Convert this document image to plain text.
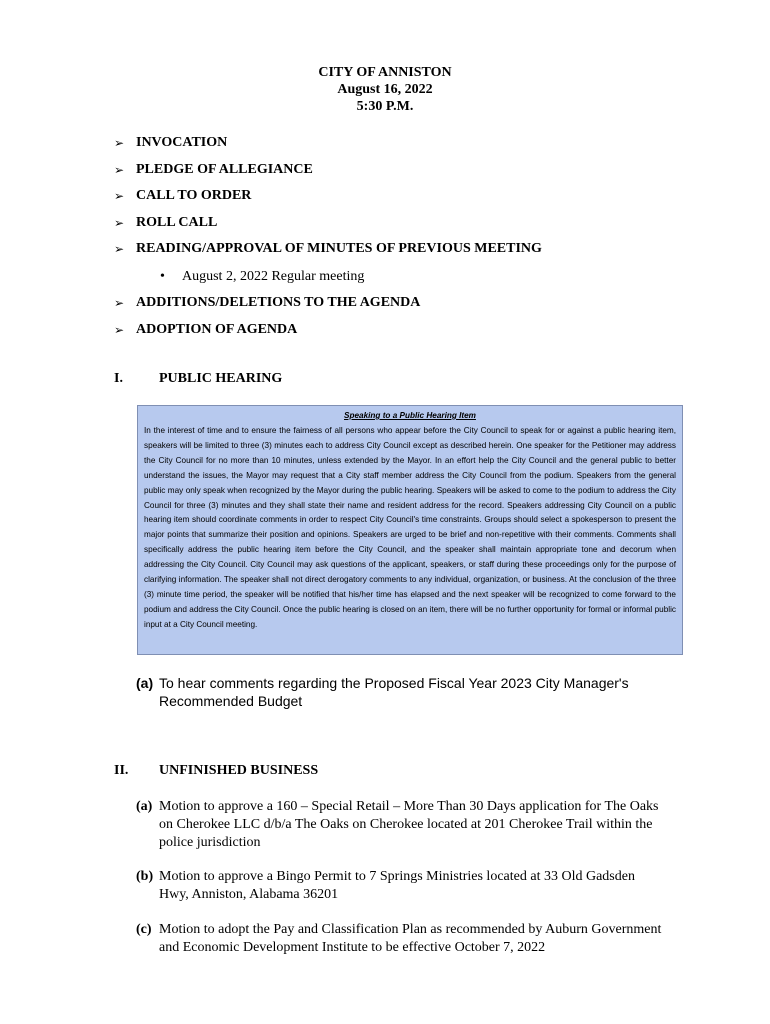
CITY OF ANNISTON
August 16, 2022
5:30 P.M.
➢ INVOCATION
➢ PLEDGE OF ALLEGIANCE
➢ CALL TO ORDER
➢ ROLL CALL
➢ READING/APPROVAL OF MINUTES OF PREVIOUS MEETING
• August 2, 2022 Regular meeting
➢ ADDITIONS/DELETIONS TO THE AGENDA
➢ ADOPTION OF AGENDA
I.	PUBLIC HEARING
Speaking to a Public Hearing Item
In the interest of time and to ensure the fairness of all persons who appear before the City Council to speak for or against a public hearing item, speakers will be limited to three (3) minutes each to address City Council except as described herein. One speaker for the Petitioner may address the City Council for no more than 10 minutes, unless extended by the Mayor. In an effort help the City Council and the general public to better understand the issues, the Mayor may request that a City staff member address the City Council from the podium. Speakers from the general public may only speak when recognized by the Mayor during the public hearing. Speakers will be asked to come to the podium to address the City Council for three (3) minutes and they shall state their name and resident address for the record. Speakers addressing City Council on a public hearing item should coordinate comments in order to respect City Council's time constraints. Groups should select a spokesperson to present the major points that summarize their position and opinions. Speakers are urged to be brief and non-repetitive with their comments. Comments shall specifically address the public hearing item before the City Council, and the speaker shall maintain appropriate tone and decorum when addressing the City Council. City Council may ask questions of the applicant, speakers, or staff during these proceedings only for the purpose of clarifying information. The speaker shall not direct derogatory comments to any individual, organization, or business. At the conclusion of the three (3) minute time period, the speaker will be notified that his/her time has elapsed and the next speaker will be recognized to come forward to the podium and address the City Council. Once the public hearing is closed on an item, there will be no further opportunity for formal or informal public input at a City Council meeting.
(a) To hear comments regarding the Proposed Fiscal Year 2023 City Manager's Recommended Budget
II. UNFINISHED BUSINESS
(a) Motion to approve a 160 – Special Retail – More Than 30 Days application for The Oaks on Cherokee LLC d/b/a The Oaks on Cherokee located at 201 Cherokee Trail within the police jurisdiction
(b) Motion to approve a Bingo Permit to 7 Springs Ministries located at 33 Old Gadsden Hwy, Anniston, Alabama 36201
(c) Motion to adopt the Pay and Classification Plan as recommended by Auburn Government and Economic Development Institute to be effective October 7, 2022
